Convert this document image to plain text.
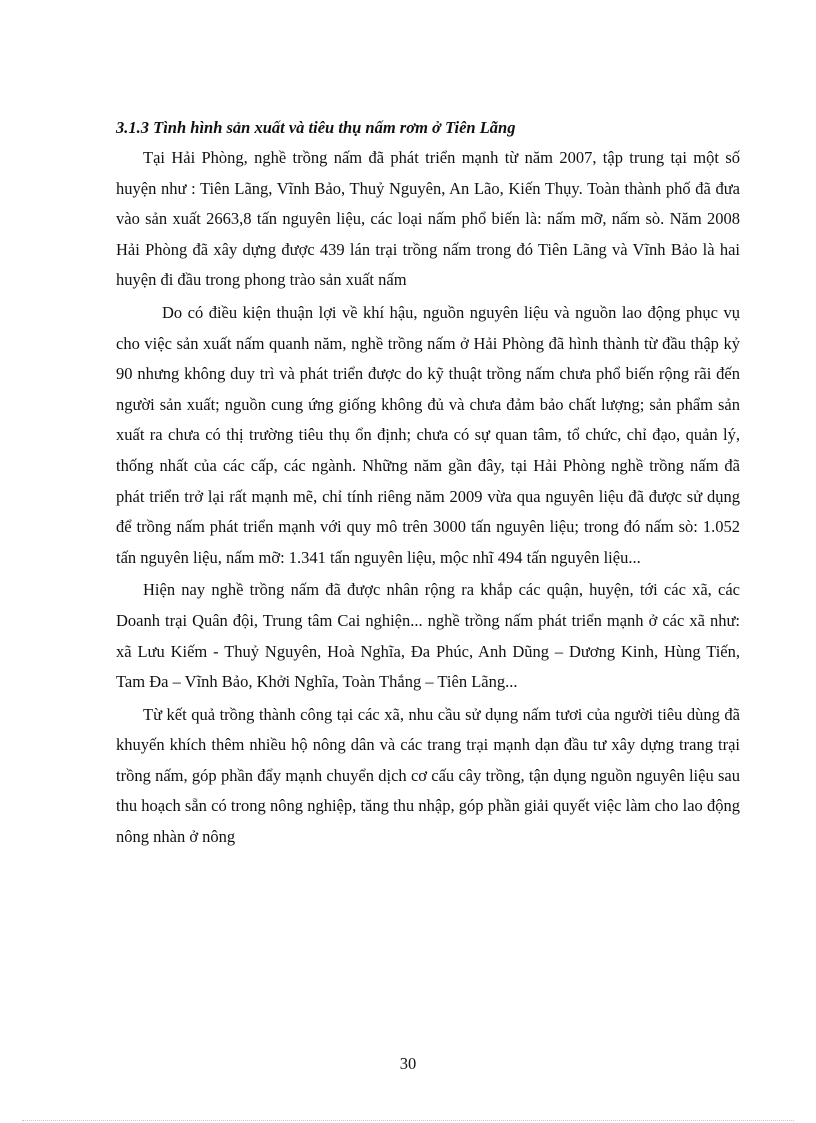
3.1.3 Tình hình sản xuất và tiêu thụ nấm rơm ở Tiên Lãng

Tại Hải Phòng, nghề trồng nấm đã phát triển mạnh từ năm 2007, tập trung tại một số huyện như : Tiên Lãng, Vĩnh Bảo, Thuỷ Nguyên, An Lão, Kiến Thụy. Toàn thành phố đã đưa vào sản xuất 2663,8 tấn nguyên liệu, các loại nấm phổ biến là: nấm mỡ, nấm sò. Năm 2008 Hải Phòng đã xây dựng được 439 lán trại trồng nấm trong đó Tiên Lãng và Vĩnh Bảo là hai huyện đi đầu trong phong trào sản xuất nấm

Do có điều kiện thuận lợi về khí hậu, nguồn nguyên liệu và nguồn lao động phục vụ cho việc sản xuất nấm quanh năm, nghề trồng nấm ở Hải Phòng đã hình thành từ đầu thập kỷ 90 nhưng không duy trì và phát triển được do kỹ thuật trồng nấm chưa phổ biến rộng rãi đến người sản xuất; nguồn cung ứng giống không đủ và chưa đảm bảo chất lượng; sản phẩm sản xuất ra chưa có thị trường tiêu thụ ổn định; chưa có sự quan tâm, tổ chức, chỉ đạo, quản lý, thống nhất của các cấp, các ngành. Những năm gần đây, tại Hải Phòng nghề trồng nấm đã phát triển trở lại rất mạnh mẽ, chỉ tính riêng năm 2009 vừa qua nguyên liệu đã được sử dụng để trồng nấm phát triển mạnh với quy mô trên 3000 tấn nguyên liệu; trong đó nấm sò: 1.052 tấn nguyên liệu, nấm mỡ: 1.341 tấn nguyên liệu, mộc nhĩ 494 tấn nguyên liệu...

Hiện nay nghề trồng nấm đã được nhân rộng ra khắp các quận, huyện, tới các xã, các Doanh trại Quân đội, Trung tâm Cai nghiện... nghề trồng nấm phát triển mạnh ở các xã như: xã Lưu Kiếm - Thuỷ Nguyên, Hoà Nghĩa, Đa Phúc, Anh Dũng – Dương Kinh, Hùng Tiến, Tam Đa – Vĩnh Bảo, Khởi Nghĩa, Toàn Thắng – Tiên Lãng...

Từ kết quả trồng thành công tại các xã, nhu cầu sử dụng nấm tươi của người tiêu dùng đã khuyến khích thêm nhiều hộ nông dân và các trang trại mạnh dạn đầu tư xây dựng trang trại trồng nấm, góp phần đẩy mạnh chuyển dịch cơ cấu cây trồng, tận dụng nguồn nguyên liệu sau thu hoạch sẵn có trong nông nghiệp, tăng thu nhập, góp phần giải quyết việc làm cho lao động nông nhàn ở nông

30
